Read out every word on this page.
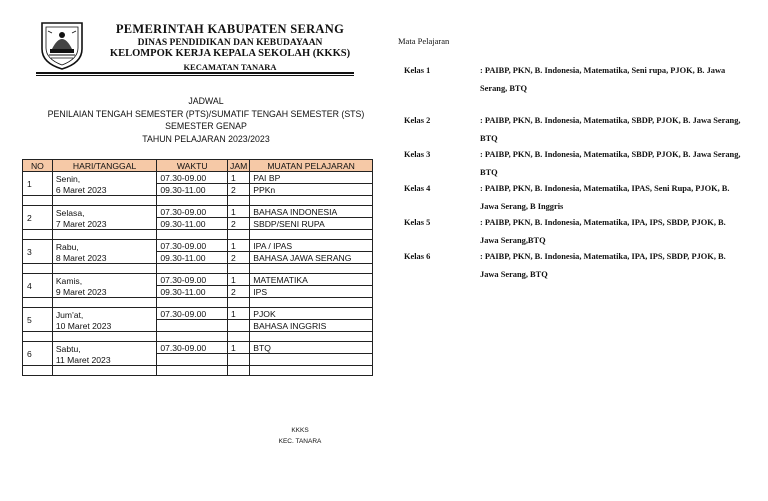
PEMERINTAH KABUPATEN SERANG
DINAS PENDIDIKAN DAN KEBUDAYAAN
KELOMPOK KERJA KEPALA SEKOLAH (KKKS)
KECAMATAN TANARA
JADWAL
PENILAIAN TENGAH SEMESTER (PTS)/SUMATIF TENGAH SEMESTER (STS)
SEMESTER GENAP
TAHUN PELAJARAN 2023/2023
NO	HARI/TANGGAL	WAKTU	JAM	MUATAN PELAJARAN
1	Senin,	07.30-09.00	1	PAI BP
	6 Maret 2023	09.30-11.00	2	PPKn

2	Selasa,	07.30-09.00	1	BAHASA INDONESIA
	7 Maret 2023	09.30-11.00	2	SBDP/SENI RUPA

3	Rabu,	07.30-09.00	1	IPA / IPAS
	8 Maret 2023	09.30-11.00	2	BAHASA JAWA SERANG

4	Kamis,	07.30-09.00	1	MATEMATIKA
	9 Maret 2023	09.30-11.00	2	IPS

5	Jum'at,	07.30-09.00	1	PJOK
	10 Maret 2023			BAHASA INGGRIS

6	Sabtu,	07.30-09.00	1	BTQ
	11 Maret 2023			

Mata Pelajaran
Kelas 1	: PAIBP, PKN, B. Indonesia, Matematika, Seni rupa, PJOK, B. Jawa Serang, BTQ
Kelas 2	: PAIBP, PKN, B. Indonesia, Matematika, SBDP, PJOK, B. Jawa Serang, BTQ
Kelas 3	: PAIBP, PKN, B. Indonesia, Matematika, SBDP, PJOK, B. Jawa Serang, BTQ
Kelas 4	: PAIBP, PKN, B. Indonesia, Matematika, IPAS, Seni Rupa, PJOK, B. Jawa Serang, B Inggris
Kelas 5	: PAIBP, PKN, B. Indonesia, Matematika, IPA, IPS, SBDP, PJOK, B. Jawa Serang,BTQ
Kelas 6	: PAIBP, PKN, B. Indonesia, Matematika, IPA, IPS, SBDP, PJOK, B. Jawa Serang, BTQ
KKKS
KEC. TANARA
